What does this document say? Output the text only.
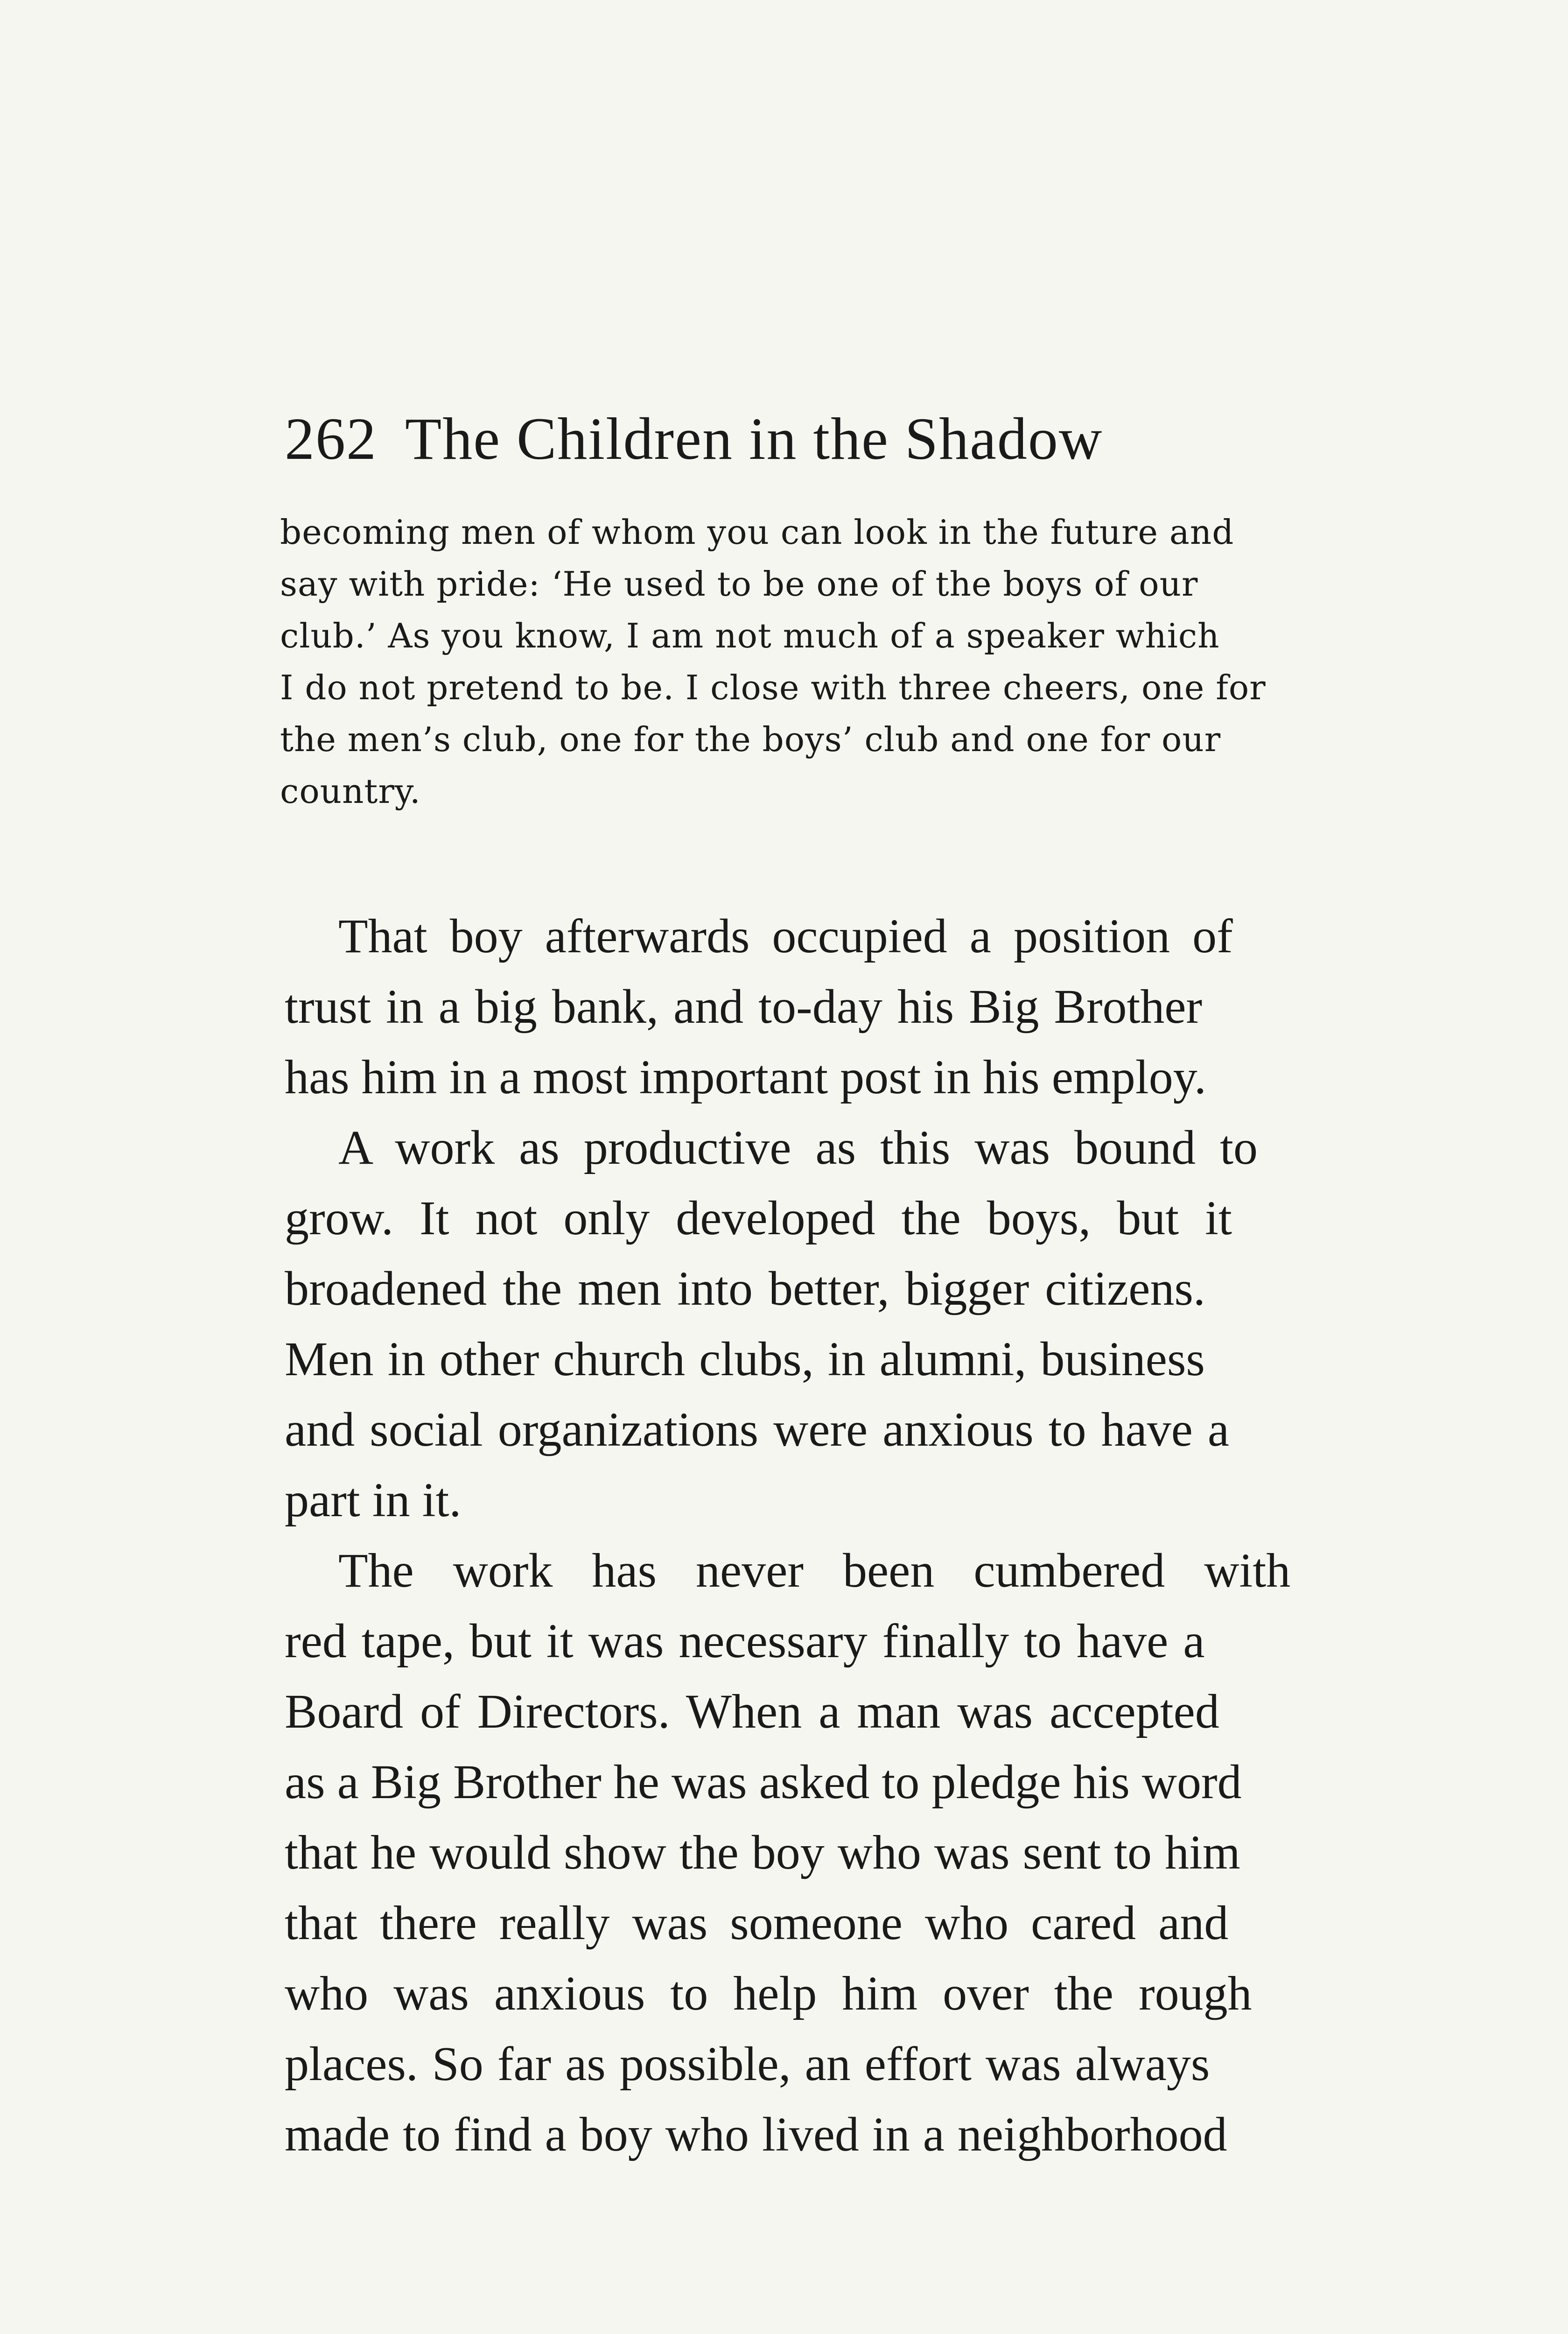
262 The Children in the Shadow
becoming men of whom you can look in the future and
say with pride: ‘He used to be one of the boys of our
club.’ As you know, I am not much of a speaker which
I do not pretend to be. I close with three cheers, one for
the men’s club, one for the boys’ club and one for our
country.
That boy afterwards occupied a position of
trust in a big bank, and to-day his Big Brother
has him in a most important post in his employ.
A work as productive as this was bound to
grow. It not only developed the boys, but it
broadened the men into better, bigger citizens.
Men in other church clubs, in alumni, business
and social organizations were anxious to have a
part in it.
The work has never been cumbered with
red tape, but it was necessary finally to have a
Board of Directors. When a man was accepted
as a Big Brother he was asked to pledge his word
that he would show the boy who was sent to him
that there really was someone who cared and
who was anxious to help him over the rough
places. So far as possible, an effort was always
made to find a boy who lived in a neighborhood
